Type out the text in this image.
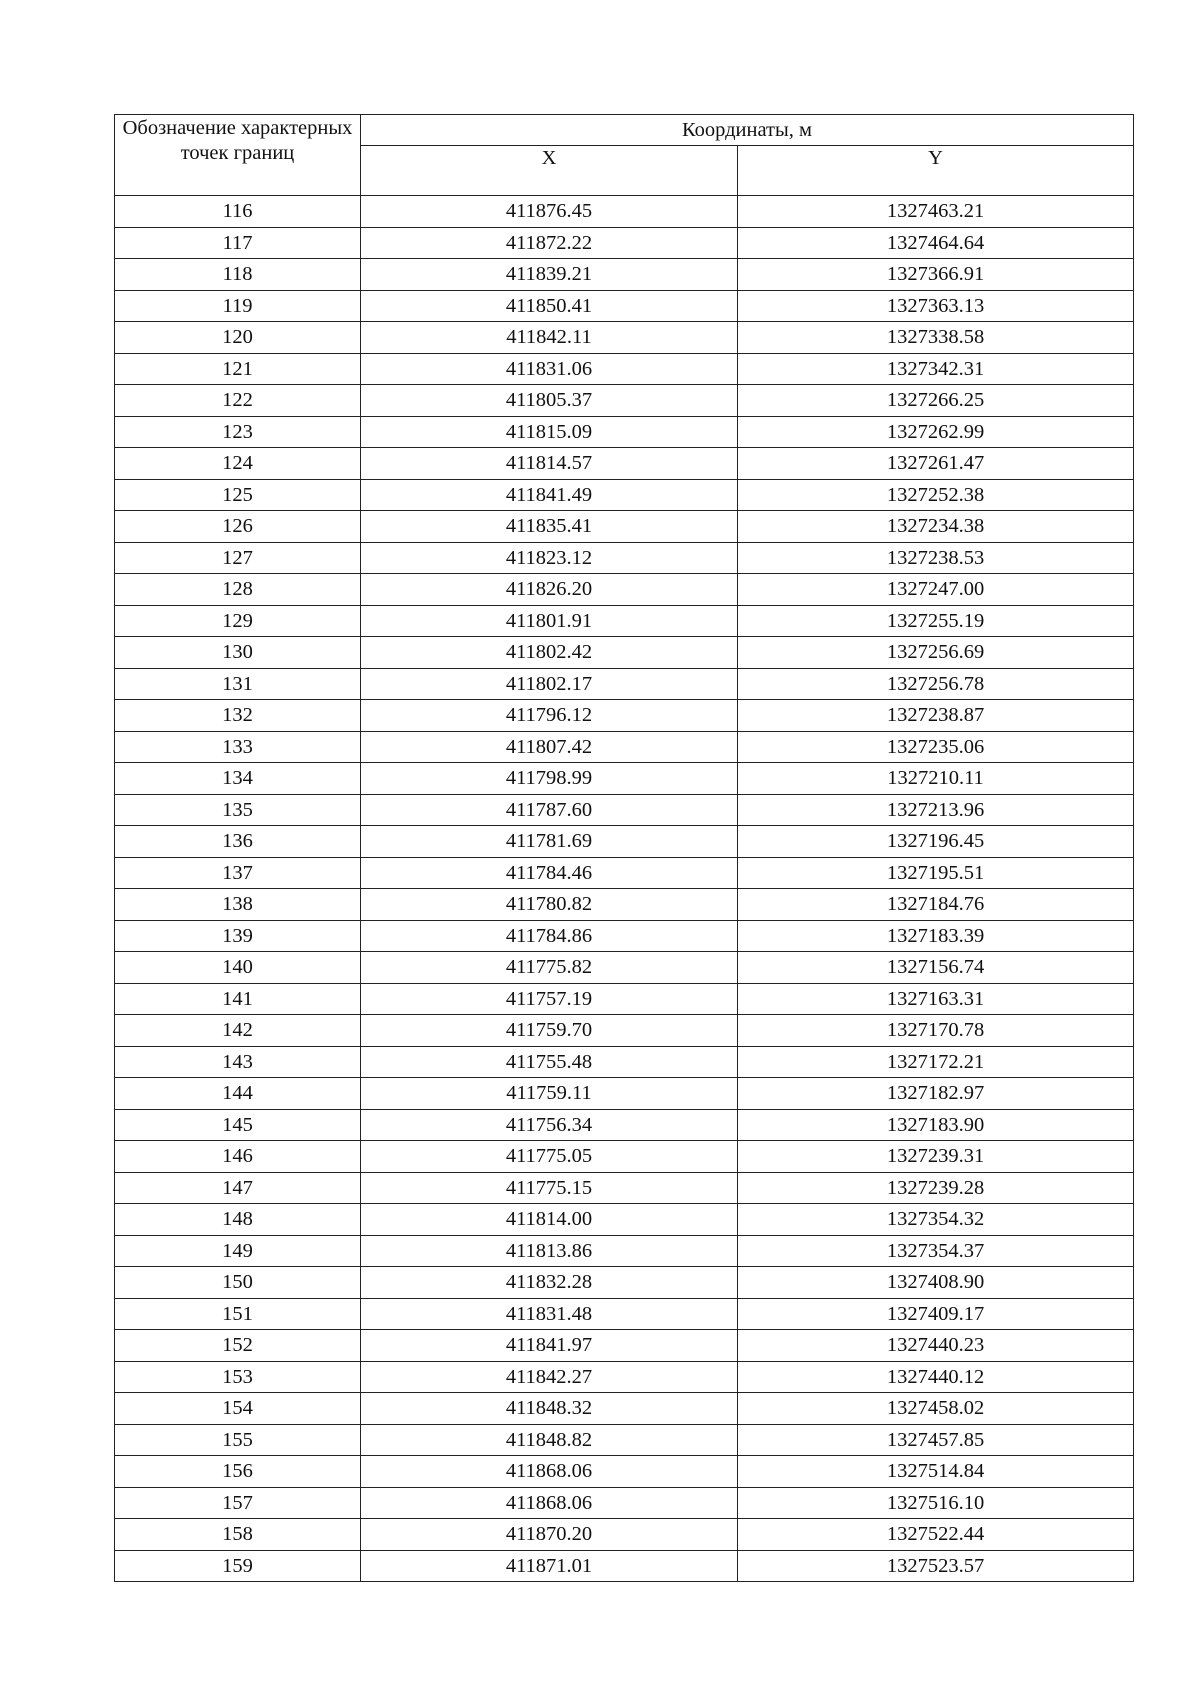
Обозначение характерных точек границ	Координаты, м	
	X	Y
116	411876.45	1327463.21
117	411872.22	1327464.64
118	411839.21	1327366.91
119	411850.41	1327363.13
120	411842.11	1327338.58
121	411831.06	1327342.31
122	411805.37	1327266.25
123	411815.09	1327262.99
124	411814.57	1327261.47
125	411841.49	1327252.38
126	411835.41	1327234.38
127	411823.12	1327238.53
128	411826.20	1327247.00
129	411801.91	1327255.19
130	411802.42	1327256.69
131	411802.17	1327256.78
132	411796.12	1327238.87
133	411807.42	1327235.06
134	411798.99	1327210.11
135	411787.60	1327213.96
136	411781.69	1327196.45
137	411784.46	1327195.51
138	411780.82	1327184.76
139	411784.86	1327183.39
140	411775.82	1327156.74
141	411757.19	1327163.31
142	411759.70	1327170.78
143	411755.48	1327172.21
144	411759.11	1327182.97
145	411756.34	1327183.90
146	411775.05	1327239.31
147	411775.15	1327239.28
148	411814.00	1327354.32
149	411813.86	1327354.37
150	411832.28	1327408.90
151	411831.48	1327409.17
152	411841.97	1327440.23
153	411842.27	1327440.12
154	411848.32	1327458.02
155	411848.82	1327457.85
156	411868.06	1327514.84
157	411868.06	1327516.10
158	411870.20	1327522.44
159	411871.01	1327523.57
